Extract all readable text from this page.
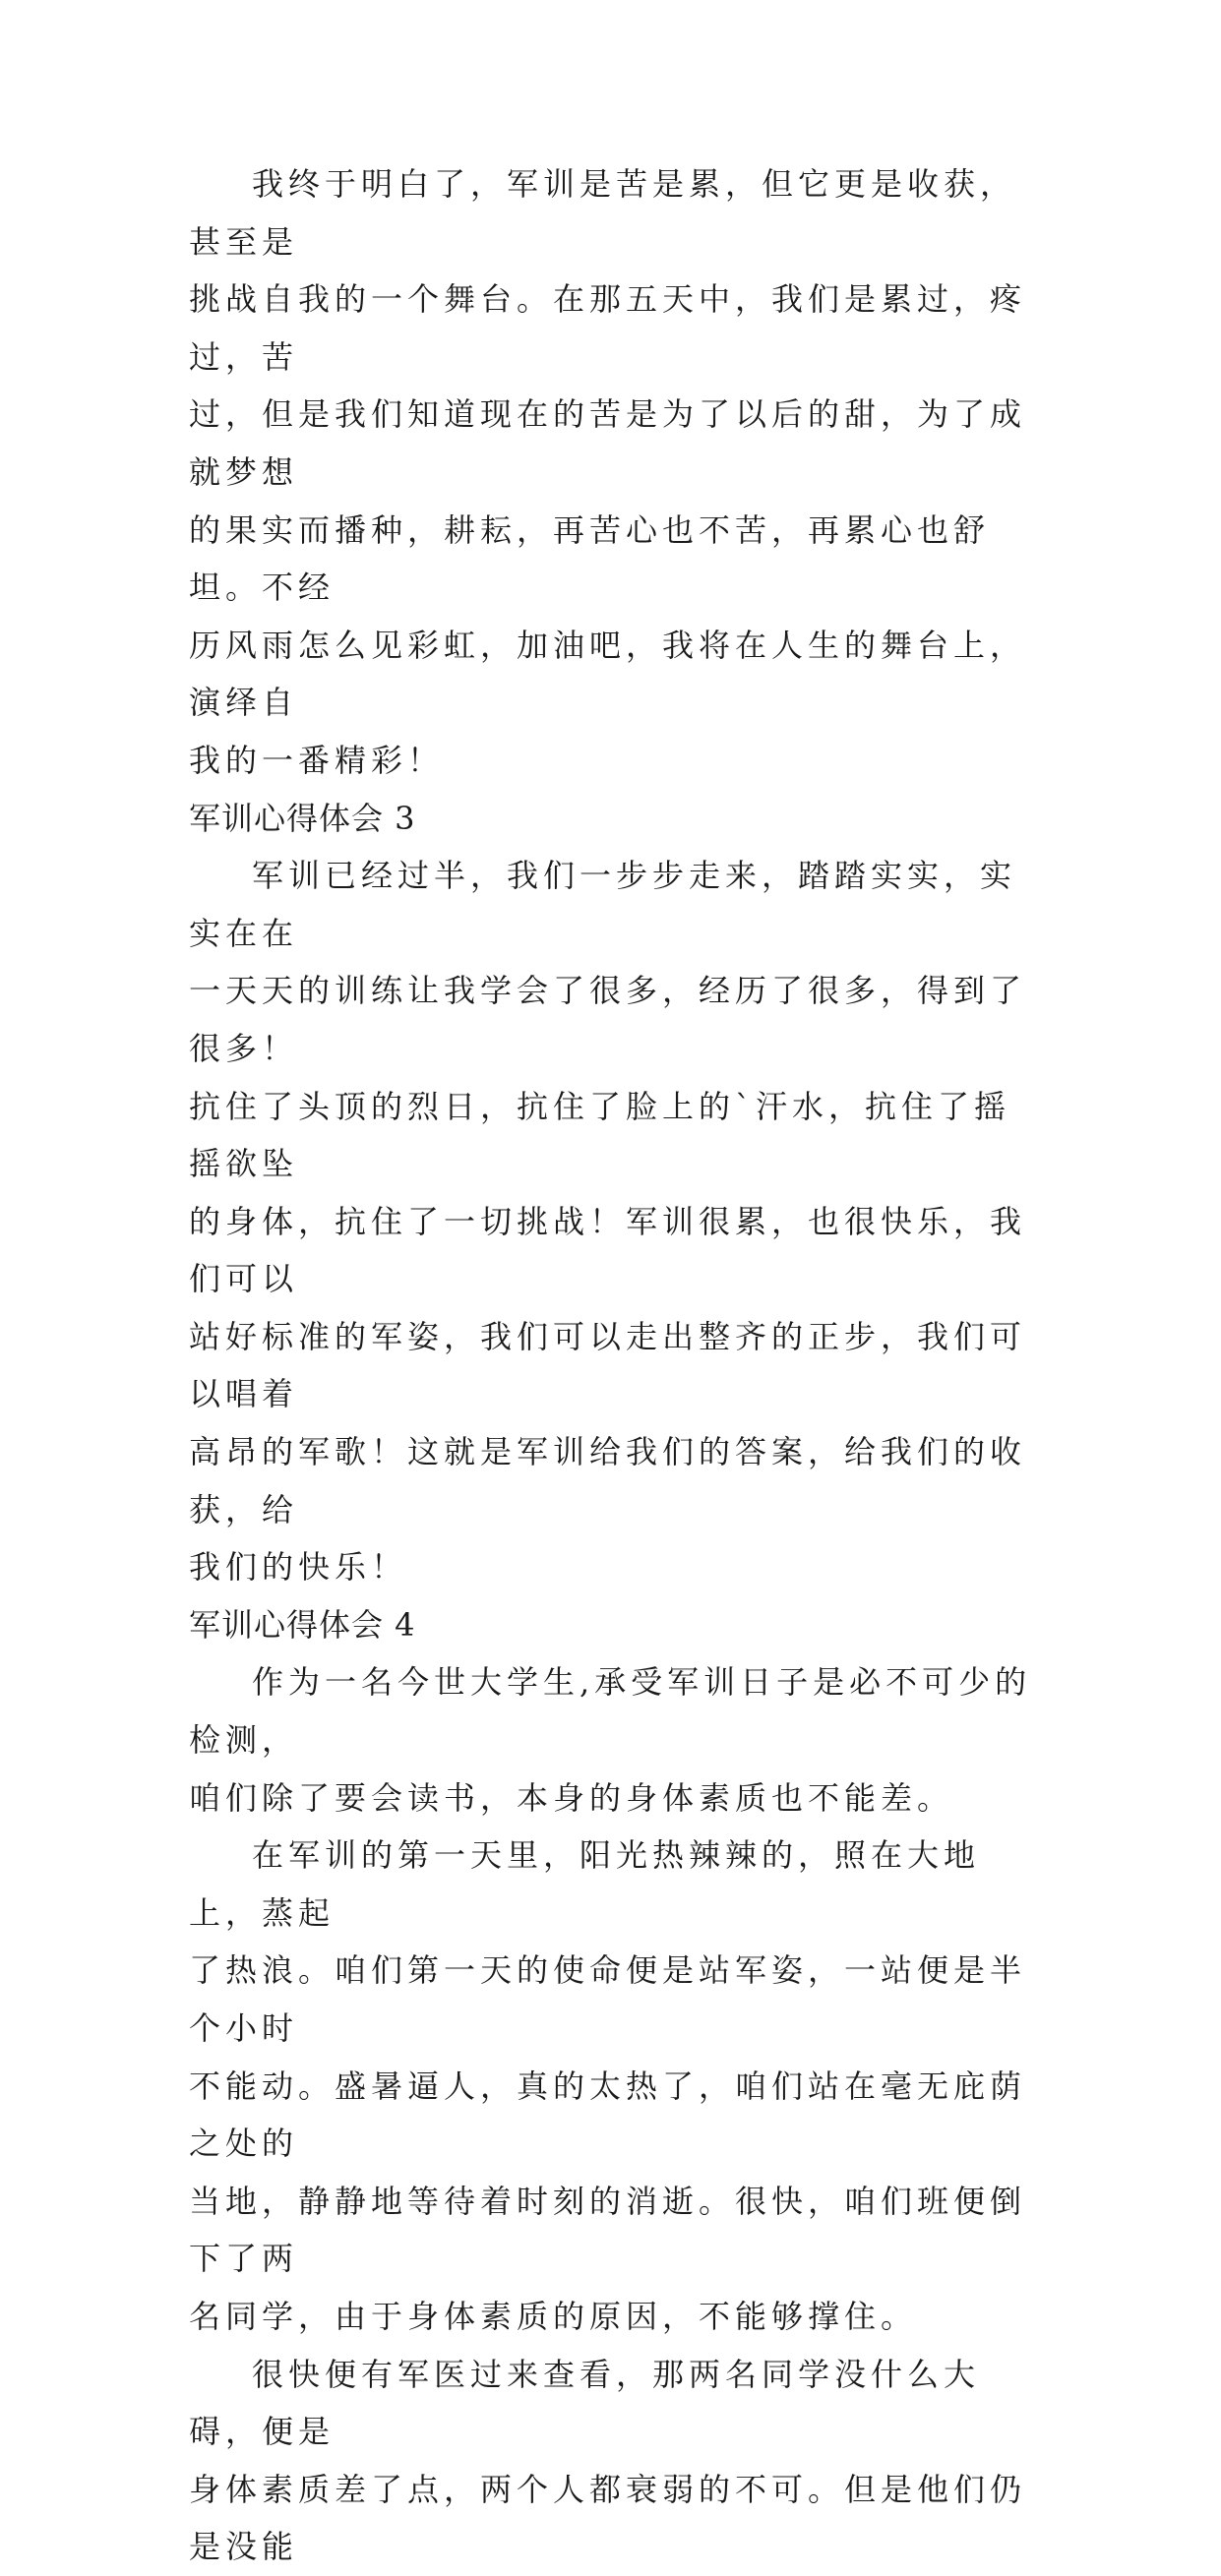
我终于明白了，军训是苦是累，但它更是收获，甚至是
挑战自我的一个舞台。在那五天中，我们是累过，疼过，苦
过，但是我们知道现在的苦是为了以后的甜，为了成就梦想
的果实而播种，耕耘，再苦心也不苦，再累心也舒坦。不经
历风雨怎么见彩虹，加油吧，我将在人生的舞台上，演绎自
我的一番精彩！

军训心得体会 3

军训已经过半，我们一步步走来，踏踏实实，实实在在
一天天的训练让我学会了很多，经历了很多，得到了很多！
抗住了头顶的烈日，抗住了脸上的`汗水，抗住了摇摇欲坠
的身体，抗住了一切挑战！军训很累，也很快乐，我们可以
站好标准的军姿，我们可以走出整齐的正步，我们可以唱着
高昂的军歌！这就是军训给我们的答案，给我们的收获，给
我们的快乐！

军训心得体会 4

作为一名今世大学生,承受军训日子是必不可少的检测，
咱们除了要会读书，本身的身体素质也不能差。

在军训的第一天里，阳光热辣辣的，照在大地上，蒸起
了热浪。咱们第一天的使命便是站军姿，一站便是半个小时
不能动。盛暑逼人，真的太热了，咱们站在毫无庇荫之处的
当地，静静地等待着时刻的消逝。很快，咱们班便倒下了两
名同学，由于身体素质的原因，不能够撑住。

很快便有军医过来查看，那两名同学没什么大碍，便是
身体素质差了点，两个人都衰弱的不可。但是他们仍是没能
